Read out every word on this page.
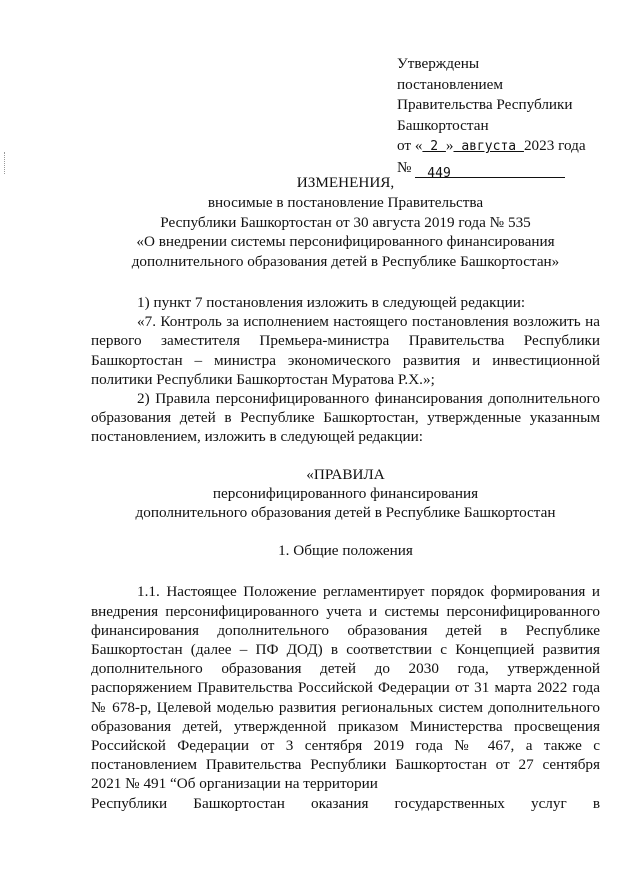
Утверждены
постановлением
Правительства Республики
Башкортостан
от « 2 » августа 2023 года
№ 449
ИЗМЕНЕНИЯ,
вносимые в постановление Правительства
Республики Башкортостан от 30 августа 2019 года № 535
«О внедрении системы персонифицированного финансирования
дополнительного образования детей в Республике Башкортостан»
1) пункт 7 постановления изложить в следующей редакции:
«7. Контроль за исполнением настоящего постановления возложить на первого заместителя Премьера-министра Правительства Республики Башкортостан – министра экономического развития и инвестиционной политики Республики Башкортостан Муратова Р.Х.»;
2) Правила персонифицированного финансирования дополнительного образования детей в Республике Башкортостан, утвержденные указанным постановлением, изложить в следующей редакции:
«ПРАВИЛА
персонифицированного финансирования
дополнительного образования детей в Республике Башкортостан
1. Общие положения
1.1. Настоящее Положение регламентирует порядок формирования и внедрения персонифицированного учета и системы персонифицированного финансирования дополнительного образования детей в Республике Башкортостан (далее – ПФ ДОД) в соответствии с Концепцией развития дополнительного образования детей до 2030 года, утвержденной распоряжением Правительства Российской Федерации от 31 марта 2022 года № 678-р, Целевой моделью развития региональных систем дополнительного образования детей, утвержденной приказом Министерства просвещения Российской Федерации от 3 сентября 2019 года № 467, а также с постановлением Правительства Республики Башкортостан от 27 сентября 2021 № 491 “Об организации на территории
Республики Башкортостан оказания государственных услуг в
